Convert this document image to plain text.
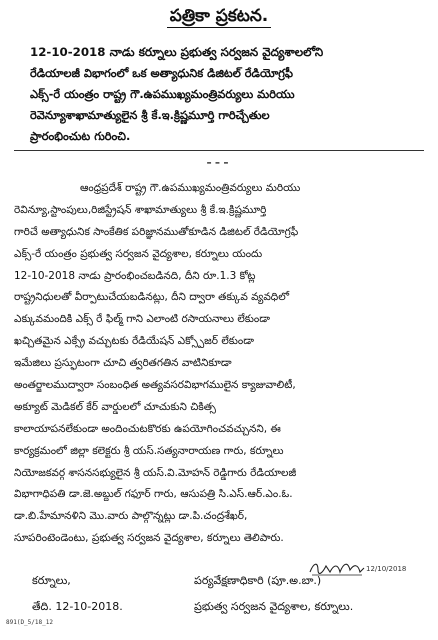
పత్రికా ప్రకటన.
12-10-2018 నాడు కర్నూలు ప్రభుత్వ సర్వజన వైద్యశాలలోని
రేడియాలజీ విభాగంలో ఒక అత్యాధునిక డిజిటల్ రేడియోగ్రఫీ
ఎక్స్-రే యంత్రం రాష్ట్ర గౌ.ఉపముఖ్యమంత్రివర్యులు మరియు
రెవెన్యూశాఖామాత్యులైన శ్రీ కే.ఇ.క్రిష్ణమూర్తి గారిచ్చేతుల
ప్రారంభించుట గురించి.
---
ఆంధ్రప్రదేశ్ రాష్ట్ర గౌ.ఉపముఖ్యమంత్రివర్యులు మరియు
రెవిన్యూ,స్టాంపులు,రిజిస్ట్రేషన్ శాఖామాత్యులు శ్రీ కే.ఇ.క్రిష్ణమూర్తి
గారిచే అత్యాధునిక సాంకేతిక పరిజ్ఞానముతోకూడిన డిజిటల్ రేడియోగ్రఫీ
ఎక్స్-రే యంత్రం ప్రభుత్వ సర్వజన వైద్యశాల, కర్నూలు యందు
12-10-2018 నాడు ప్రారంభించబడినది, దీని రూ.1.3 కోట్ల
రాష్ట్రనిధులతో వీర్పాటుచేయబడినట్లు, దీని ద్వారా తక్కువ వ్యవధిలో
ఎక్కువమందికి ఎక్స్ రే ఫిల్మ్ గాని ఎలాంటి రసాయనాలు లేకుండా
ఖచ్చితమైన ఎక్స్రే వచ్చుటకు రేడియేషన్ ఎక్స్పోజర్ లేకుండా
ఇమేజిలు ప్రస్ఫుటంగా చూచి త్వరితగతిన వాటినికూడా
అంతర్జాలముద్వారా సంబంధిత అత్యవసరవిభాగములైన క్యాజువాలిటీ,
అక్యూట్ మెడికల్ కేర్ వార్డులలో చూచుకుని చికిత్స
కాలాయాపనలేకుండా అందించుటకొరకు ఉపయోగించవచ్చునని, ఈ
కార్యక్రమంలో జిల్లా కలెక్టరు శ్రీ యస్.సత్యనారాయణ గారు, కర్నూలు
నియోజకవర్గ శాసనసభ్యులైన శ్రీ యస్.వి.మోహన్ రెడ్డిగారు రేడియాలజీ
విభాగాధిపతి డా.జె.అబ్దుల్ గఫూర్ గారు, ఆసుపత్రి సి.ఎస్.ఆర్.ఎం.ఓ.
డా.బి.హేమానళిని మొ.వారు పాల్గొన్నట్లు డా.పి.చంద్రశేఖర్,
సూపరింటెండెంటు, ప్రభుత్వ సర్వజన వైద్యశాల, కర్నూలు తెలిపారు.
12/10/2018
కర్నూలు,
తేది. 12-10-2018.
పర్యవేక్షణాధికారి (పూ.అ.బా.)
ప్రభుత్వ సర్వజన వైద్యశాల, కర్నూలు.
891(D_5/18_12
